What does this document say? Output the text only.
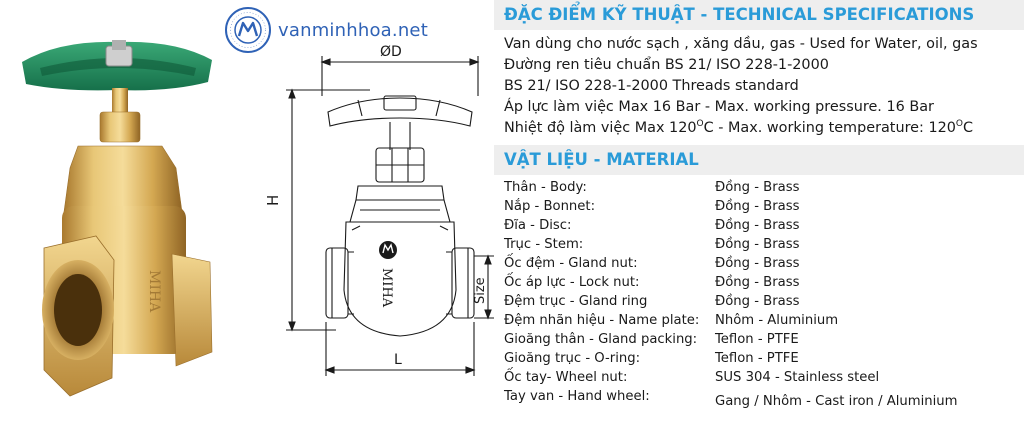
MIHA
vanminhhoa.net
MIHA
ØD
H
Size
L
ĐẶC ĐIỂM KỸ THUẬT - TECHNICAL SPECIFICATIONS
Van dùng cho nước sạch , xăng dầu, gas - Used for Water, oil, gas
Đường ren tiêu chuẩn BS 21/ ISO 228-1-2000
BS 21/ ISO 228-1-2000 Threads standard
Áp lực làm việc Max 16 Bar - Max. working pressure. 16 Bar
Nhiệt độ làm việc Max $120^OC$ - Max. working temperature: $120^OC$
VẬT LIỆU - MATERIAL
Thân - Body:	Đồng - Brass
Nắp - Bonnet:	Đồng - Brass
Đĩa - Disc:	Đồng - Brass
Trục - Stem:	Đồng - Brass
Ốc đệm - Gland nut:	Đồng - Brass
Ốc áp lực - Lock nut:	Đồng - Brass
Đệm trục - Gland ring	Đồng - Brass
Đệm nhãn hiệu - Name plate: Nhôm - Aluminium
Gioăng thân - Gland packing: Teflon - PTFE
Gioăng trục - O-ring:	Teflon - PTFE
Ốc tay- Wheel nut:	SUS 304 - Stainless steel
Tay van - Hand wheel:	Gang / Nhôm - Cast iron / Aluminium
